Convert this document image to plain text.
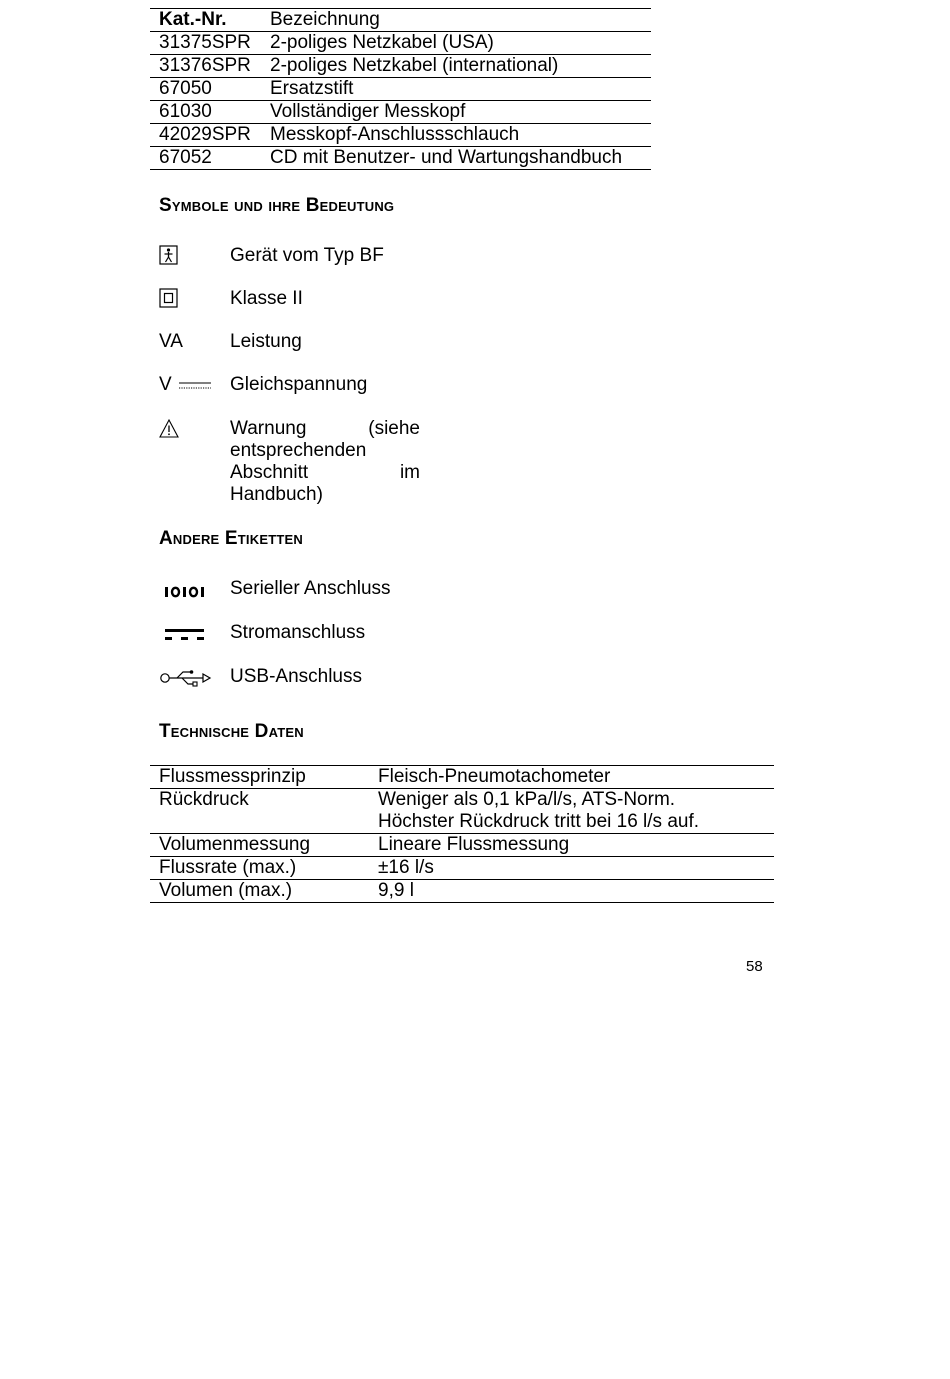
Kat.-Nr.	Bezeichnung
31375SPR	2-poliges Netzkabel (USA)
31376SPR	2-poliges Netzkabel (international)
67050	Ersatzstift
61030	Vollständiger Messkopf
42029SPR	Messkopf-Anschlussschlauch
67052	CD mit Benutzer- und Wartungshandbuch
Symbole und ihre Bedeutung
Gerät vom Typ BF
Klasse II
VA Leistung
V	Gleichspannung
Warnung (siehe entsprechenden Abschnitt im Handbuch)
Andere Etiketten
Serieller Anschluss
Stromanschluss
USB-Anschluss
Technische Daten
Flussmessprinzip	Fleisch-Pneumotachometer
Rückdruck	Weniger als 0,1 kPa/l/s, ATS-Norm.
Höchster Rückdruck tritt bei 16 l/s auf.

Volumenmessung	Lineare Flussmessung
Flussrate (max.)	±16 l/s
Volumen (max.)	9,9 l
58
